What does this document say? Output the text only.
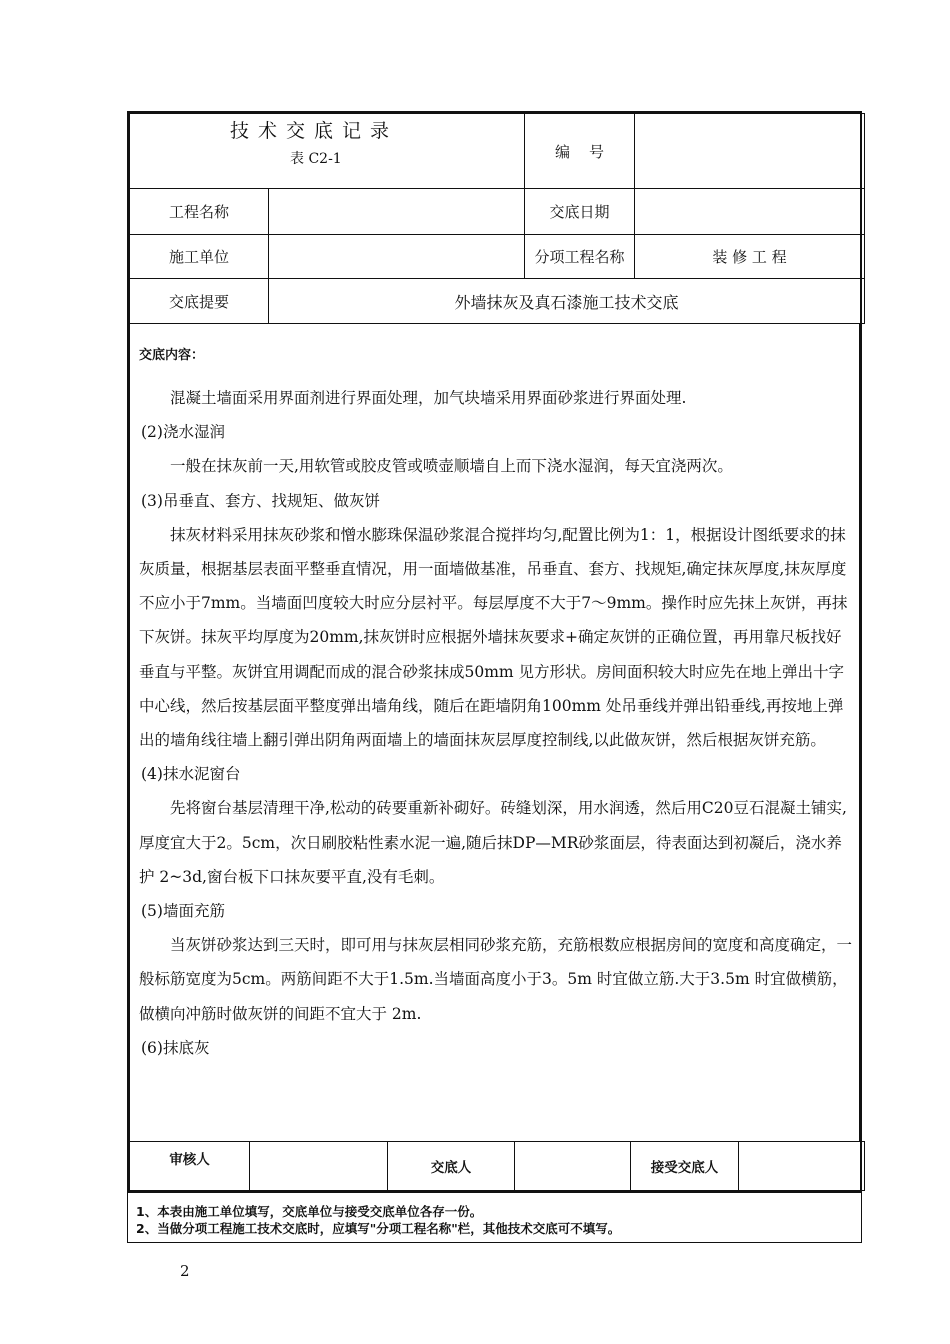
技术交底记录
表 C2-1		编    号	
工程名称		交底日期	
施工单位		分项工程名称	装 修 工 程
交底提要	外墙抹灰及真石漆施工技术交底		
交底内容：

混凝土墙面采用界面剂进行界面处理，加气块墙采用界面砂浆进行界面处理.

(2)浇水湿润

一般在抹灰前一天,用软管或胶皮管或喷壶顺墙自上而下浇水湿润，每天宜浇两次。

(3)吊垂直、套方、找规矩、做灰饼

抹灰材料采用抹灰砂浆和憎水膨珠保温砂浆混合搅拌均匀,配置比例为1：1，根据设计图纸要求的抹灰质量，根据基层表面平整垂直情况，用一面墙做基准，吊垂直、套方、找规矩,确定抹灰厚度,抹灰厚度不应小于7mm。当墙面凹度较大时应分层衬平。每层厚度不大于7～9mm。操作时应先抹上灰饼，再抹下灰饼。抹灰平均厚度为20mm,抹灰饼时应根据外墙抹灰要求+确定灰饼的正确位置，再用靠尺板找好垂直与平整。灰饼宜用调配而成的混合砂浆抹成50mm 见方形状。房间面积较大时应先在地上弹出十字中心线，然后按基层面平整度弹出墙角线，随后在距墙阴角100mm 处吊垂线并弹出铅垂线,再按地上弹出的墙角线往墙上翻引弹出阴角两面墙上的墙面抹灰层厚度控制线,以此做灰饼，然后根据灰饼充筋。

(4)抹水泥窗台

先将窗台基层清理干净,松动的砖要重新补砌好。砖缝划深，用水润透，然后用C20豆石混凝土铺实,厚度宜大于2。5cm，次日刷胶粘性素水泥一遍,随后抹DP—MR砂浆面层，待表面达到初凝后，浇水养护 2~3d,窗台板下口抹灰要平直,没有毛刺。

(5)墙面充筋

当灰饼砂浆达到三天时，即可用与抹灰层相同砂浆充筋，充筋根数应根据房间的宽度和高度确定，一般标筋宽度为5cm。两筋间距不大于1.5m.当墙面高度小于3。5m 时宜做立筋.大于3.5m 时宜做横筋，做横向冲筋时做灰饼的间距不宜大于 2m.

(6)抹底灰

审核人		交底人		接受交底人	

1、本表由施工单位填写，交底单位与接受交底单位各存一份。

2、当做分项工程施工技术交底时，应填写"分项工程名称"栏，其他技术交底可不填写。

2
